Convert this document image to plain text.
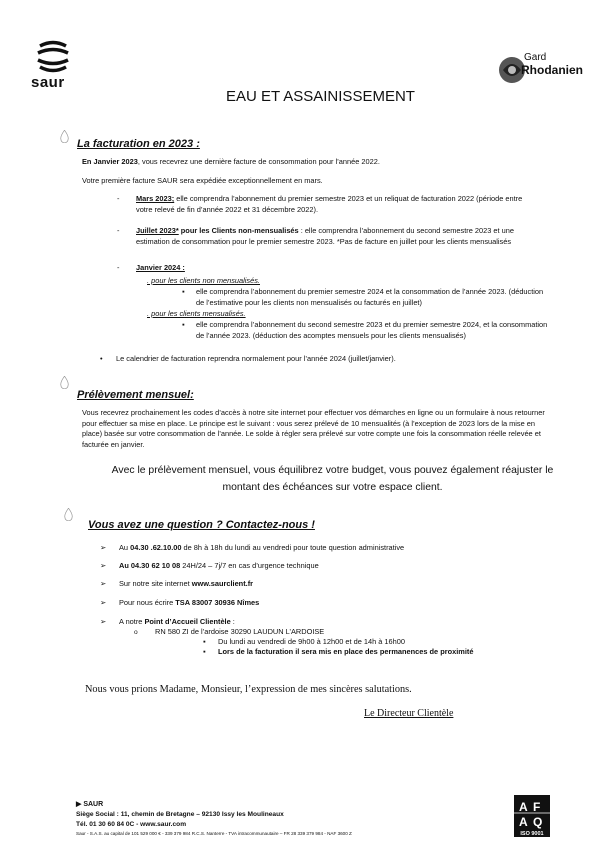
saur
Gard
Rhodanien
EAU ET ASSAINISSEMENT
La facturation en 2023 :
En Janvier 2023, vous recevrez une dernière facture de consommation pour l’année 2022.
Votre première facture SAUR sera expédiée exceptionnellement en mars.
- Mars 2023; elle comprendra l’abonnement du premier semestre 2023 et un reliquat de facturation 2022 (période entre
votre relevé de fin d’année 2022 et 31 décembre 2022).
- Juillet 2023* pour les Clients non-mensualisés : elle comprendra l’abonnement du second semestre 2023 et une
estimation de consommation pour le premier semestre 2023. *Pas de facture en juillet pour les clients mensualisés
- Janvier 2024 :
. pour les clients non mensualisés.
▪ elle comprendra l’abonnement du premier semestre 2024 et la consommation de l’année 2023. (déduction
de l’estimative pour les clients non mensualisés ou facturés en juillet)
. pour les clients mensualisés.
▪ elle comprendra l’abonnement du second semestre 2023 et du premier semestre 2024, et la consommation
de l’année 2023. (déduction des acomptes mensuels pour les clients mensualisés)
• Le calendrier de facturation reprendra normalement pour l’année 2024 (juillet/janvier).
Prélèvement mensuel:
Vous recevrez prochainement les codes d’accès à notre site internet pour effectuer vos démarches en ligne ou un formulaire à nous retourner
pour effectuer sa mise en place. Le principe est le suivant : vous serez prélevé de 10 mensualités (à l’exception de 2023 lors de la mise en
place) basée sur votre consommation de l’année. Le solde à régler sera prélevé sur votre compte une fois la consommation réelle relevée et
facturée en janvier.
Avec le prélèvement mensuel, vous équilibrez votre budget, vous pouvez également réajuster le
montant des échéances sur votre espace client.
Vous avez une question ? Contactez-nous !
➢ Au 04.30 .62.10.00 de 8h à 18h du lundi au vendredi pour toute question administrative
➢ Au 04.30 62 10 08 24H/24 – 7j/7 en cas d’urgence technique
➢ Sur notre site internet www.saurclient.fr
➢ Pour nous écrire TSA 83007 30936 Nîmes
➢ A notre Point d’Accueil Clientèle :
o RN 580 ZI de l’ardoise 30290 LAUDUN L’ARDOISE
▪ Du lundi au vendredi de 9h00 à 12h00 et de 14h à 16h00
▪ Lors de la facturation il sera mis en place des permanences de proximité
Nous vous prions Madame, Monsieur, l’expression de mes sincères salutations.
Le Directeur Clientèle
▶ SAUR
Siège Social : 11, chemin de Bretagne – 92130 Issy les Moulineaux
Tél. 01 30 60 84 0C - www.saur.com
Saur - S.A.S. au capital de 101 529 000 € - 339 379 984 R.C.S. Nanterre - TVA intracommunautaire – FR 28 339 379 984 - NAF 3600 Z
A F
A Q
ISO 9001
